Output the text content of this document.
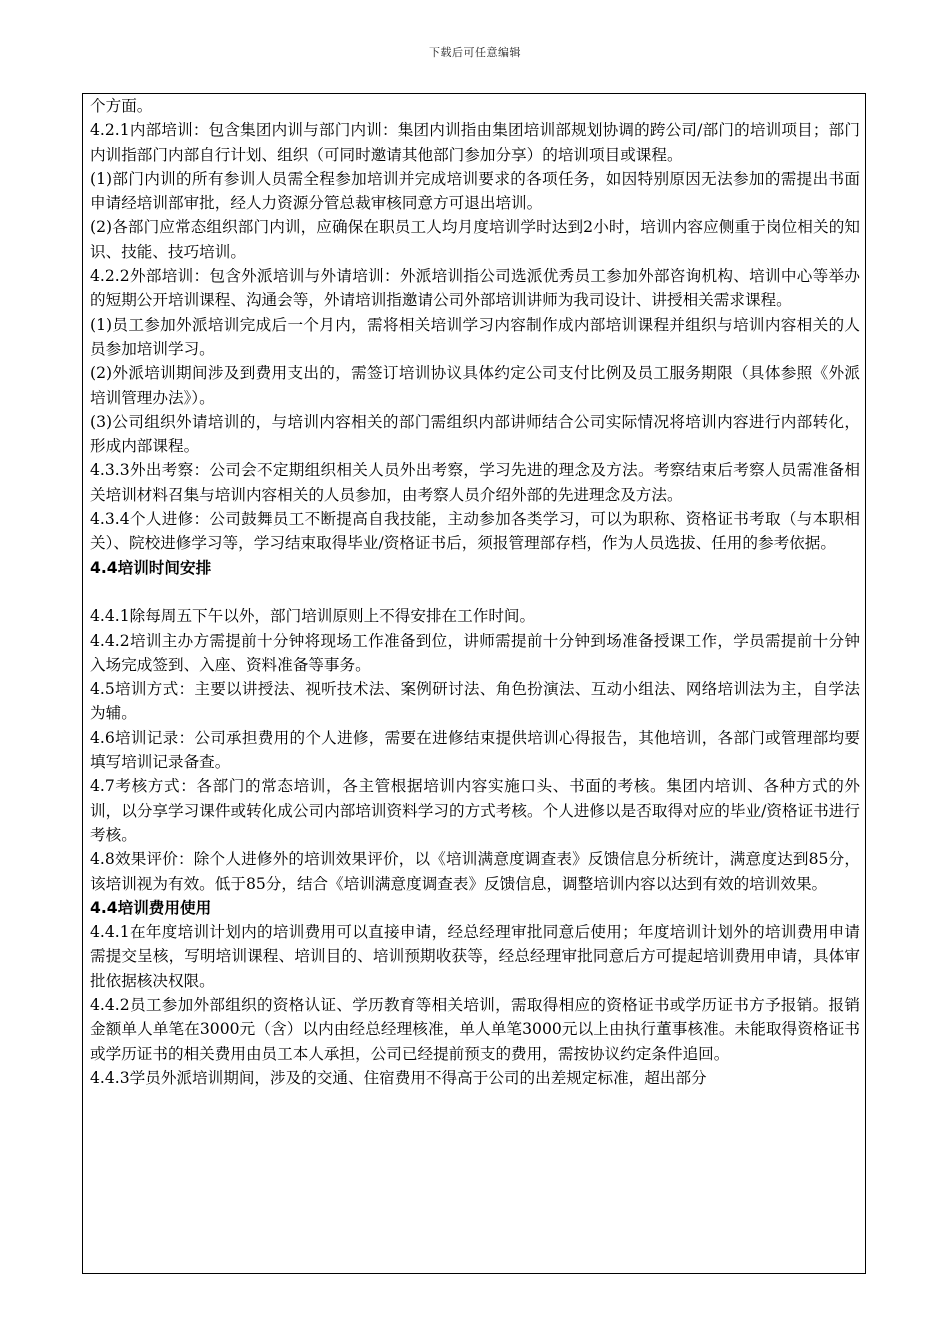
下载后可任意编辑

个方面。

4.2.1内部培训：包含集团内训与部门内训：集团内训指由集团培训部规划协调的跨公司/部门的培训项目；部门内训指部门内部自行计划、组织（可同时邀请其他部门参加分享）的培训项目或课程。

(1)部门内训的所有参训人员需全程参加培训并完成培训要求的各项任务，如因特别原因无法参加的需提出书面申请经培训部审批，经人力资源分管总裁审核同意方可退出培训。

(2)各部门应常态组织部门内训，应确保在职员工人均月度培训学时达到2小时，培训内容应侧重于岗位相关的知识、技能、技巧培训。

4.2.2外部培训：包含外派培训与外请培训：外派培训指公司选派优秀员工参加外部咨询机构、培训中心等举办的短期公开培训课程、沟通会等，外请培训指邀请公司外部培训讲师为我司设计、讲授相关需求课程。

(1)员工参加外派培训完成后一个月内，需将相关培训学习内容制作成内部培训课程并组织与培训内容相关的人员参加培训学习。

(2)外派培训期间涉及到费用支出的，需签订培训协议具体约定公司支付比例及员工服务期限（具体参照《外派培训管理办法》）。

(3)公司组织外请培训的，与培训内容相关的部门需组织内部讲师结合公司实际情况将培训内容进行内部转化，形成内部课程。

4.3.3外出考察：公司会不定期组织相关人员外出考察，学习先进的理念及方法。考察结束后考察人员需准备相关培训材料召集与培训内容相关的人员参加，由考察人员介绍外部的先进理念及方法。

4.3.4个人进修：公司鼓舞员工不断提高自我技能，主动参加各类学习，可以为职称、资格证书考取（与本职相关）、院校进修学习等，学习结束取得毕业/资格证书后，须报管理部存档，作为人员选拔、任用的参考依据。

4.4培训时间安排

4.4.1除每周五下午以外，部门培训原则上不得安排在工作时间。

4.4.2培训主办方需提前十分钟将现场工作准备到位，讲师需提前十分钟到场准备授课工作，学员需提前十分钟入场完成签到、入座、资料准备等事务。

4.5培训方式：主要以讲授法、视听技术法、案例研讨法、角色扮演法、互动小组法、网络培训法为主，自学法为辅。

4.6培训记录：公司承担费用的个人进修，需要在进修结束提供培训心得报告，其他培训，各部门或管理部均要填写培训记录备查。

4.7考核方式：各部门的常态培训，各主管根据培训内容实施口头、书面的考核。集团内培训、各种方式的外训，以分享学习课件或转化成公司内部培训资料学习的方式考核。个人进修以是否取得对应的毕业/资格证书进行考核。

4.8效果评价：除个人进修外的培训效果评价，以《培训满意度调查表》反馈信息分析统计，满意度达到85分，该培训视为有效。低于85分，结合《培训满意度调查表》反馈信息，调整培训内容以达到有效的培训效果。

4.4培训费用使用

4.4.1在年度培训计划内的培训费用可以直接申请，经总经理审批同意后使用；年度培训计划外的培训费用申请需提交呈核，写明培训课程、培训目的、培训预期收获等，经总经理审批同意后方可提起培训费用申请，具体审批依据核决权限。

4.4.2员工参加外部组织的资格认证、学历教育等相关培训，需取得相应的资格证书或学历证书方予报销。报销金额单人单笔在3000元（含）以内由经总经理核准，单人单笔3000元以上由执行董事核准。未能取得资格证书或学历证书的相关费用由员工本人承担，公司已经提前预支的费用，需按协议约定条件追回。

4.4.3学员外派培训期间，涉及的交通、住宿费用不得高于公司的出差规定标准，超出部分
